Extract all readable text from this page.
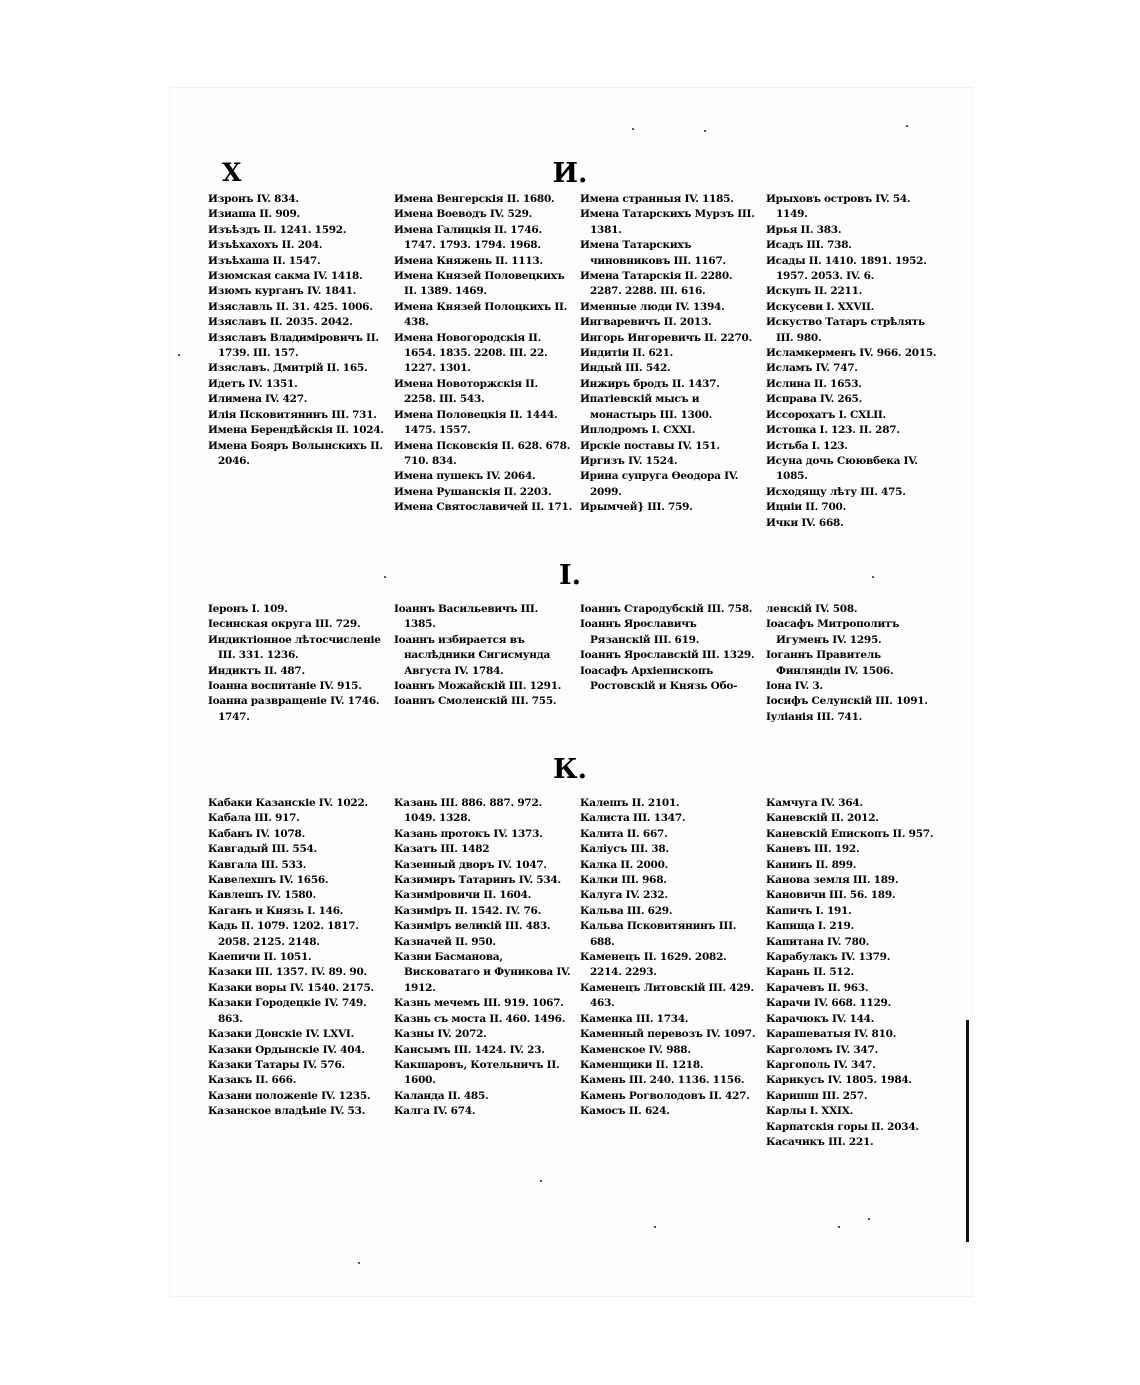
X	И.

Изронъ IV. 834.

Изиаша II. 909.

Изъѣздъ II. 1241. 1592.

Изъѣхахохъ II. 204.

Изъѣхаша II. 1547.

Изюмская сакма IV. 1418.

Изюмъ курганъ IV. 1841.

Изяславль II. 31. 425. 1006.

Изяславъ II. 2035. 2042.

Изяславъ Владиміровичъ II. 1739. III. 157.

Изяславъ. Дмитрій II. 165.

Идетъ IV. 1351.

Илимена IV. 427.

Илія Псковитянинъ III. 731.

Имена Берендѣйскія II. 1024.

Имена Бояръ Волынскихъ II. 2046.

Имена Венгерскія II. 1680.

Имена Воеводъ IV. 529.

Имена Галицкія II. 1746. 1747. 1793. 1794. 1968.

Имена Княжень II. 1113.

Имена Князей Половецкихъ II. 1389. 1469.

Имена Князей Полоцкихъ II. 438.

Имена Новогородскія II. 1654. 1835. 2208. III. 22. 1227. 1301.

Имена Новоторжскія II. 2258. III. 543.

Имена Половецкія II. 1444. 1475. 1557.

Имена Псковскія II. 628. 678. 710. 834.

Имена пушекъ IV. 2064.

Имена Рушанскія II. 2203.

Имена Святославичей II. 171.

Имена странныя IV. 1185.

Имена Татарскихъ Мурзъ III. 1381.

Имена Татарскихъ чиновниковъ III. 1167.

Имена Татарскія II. 2280. 2287. 2288. III. 616.

Именные люди IV. 1394.

Ингваревичъ II. 2013.

Ингорь Ингоревичъ II. 2270.

Индитіи II. 621.

Индый III. 542.

Инжиръ бродъ II. 1437.

Ипатіевскій мысъ и монастырь III. 1300.

Иплодромъ I. CXXI.

Ирскіе поставы IV. 151.

Иргизъ IV. 1524.

Ирина супруга Ѳеодора IV. 2099.

Ирымчей} III. 759.

Ирыховъ островъ IV. 54. 1149.

Ирья II. 383.

Исадъ III. 738.

Исады II. 1410. 1891. 1952. 1957. 2053. IV. 6.

Искупъ II. 2211.

Искусеви I. XXVII.

Искуство Татаръ стрѣлять III. 980.

Исламкерменъ IV. 966. 2015.

Исламъ IV. 747.

Ислина II. 1653.

Исправа IV. 265.

Иссорохатъ I. CXLII.

Истопка I. 123. II. 287.

Истьба I. 123.

Исуна дочь Сюювбека IV. 1085.

Исходящу лѣту III. 475.

Ицніи II. 700.

Ички IV. 668.

I.

Іеронъ I. 109.

Іесинская округа III. 729.

Индиктіонное лѣтосчисленіе III. 331. 1236.

Индиктъ II. 487.

Іоанна воспитаніе IV. 915.

Іоанна развращеніе IV. 1746. 1747.

Іоаннъ Васильевичъ III. 1385.

Іоаннъ избирается въ наслѣдники Сигисмунда Августа IV. 1784.

Іоаннъ Можайскій III. 1291.

Іоаннъ Смоленскій III. 755.

Іоаннъ Стародубскій III. 758.

Іоаннъ Ярославичъ Рязанскій III. 619.

Іоаннъ Ярославскій III. 1329.

Іоасафъ Архіепископъ Ростовскій и Князь Обо-

ленскій IV. 508.

Іоасафъ Митрополитъ Игуменъ IV. 1295.

Іоганнъ Правитель Финляндіи IV. 1506.

Іона IV. 3.

Іосифъ Селунскій III. 1091.

Іуліанія III. 741.

К.

Кабаки Казанскіе IV. 1022.

Кабала III. 917.

Кабанъ IV. 1078.

Кавгадый III. 554.

Кавгала III. 533.

Кавелехшъ IV. 1656.

Кавлешъ IV. 1580.

Каганъ и Князь I. 146.

Кадь II. 1079. 1202. 1817. 2058. 2125. 2148.

Каепичи II. 1051.

Казаки III. 1357. IV. 89. 90.

Казаки воры IV. 1540. 2175.

Казаки Городецкіе IV. 749. 863.

Казаки Донскіе IV. LXVI.

Казаки Ордынскіе IV. 404.

Казаки Татары IV. 576.

Казакъ II. 666.

Казани положеніе IV. 1235.

Казанское владѣніе IV. 53.

Казань III. 886. 887. 972. 1049. 1328.

Казань протокъ IV. 1373.

Казатъ III. 1482

Казенный дворъ IV. 1047.

Казимиръ Татаринъ IV. 534.

Казиміровичи II. 1604.

Казиміръ II. 1542. IV. 76.

Казиміръ великій III. 483.

Казначей II. 950.

Казни Басманова, Висковатаго и Фуникова IV. 1912.

Казнь мечемъ III. 919. 1067.

Казнь съ моста II. 460. 1496.

Казны IV. 2072.

Кансымъ III. 1424. IV. 23.

Какшаровъ, Котельничъ II. 1600.

Каланда II. 485.

Калга IV. 674.

Калешъ II. 2101.

Калиста III. 1347.

Калита II. 667.

Калiусъ III. 38.

Калка II. 2000.

Калки III. 968.

Калуга IV. 232.

Кальва III. 629.

Кальва Псковитянинъ III. 688.

Каменецъ II. 1629. 2082. 2214. 2293.

Каменецъ Литовскій III. 429. 463.

Каменка III. 1734.

Каменный перевозъ IV. 1097.

Каменское IV. 988.

Каменщики II. 1218.

Камень III. 240. 1136. 1156.

Камень Рогволодовъ II. 427.

Камосъ II. 624.

Камчуга IV. 364.

Каневскій II. 2012.

Каневскій Епископъ II. 957.

Каневъ III. 192.

Канинъ II. 899.

Канова земля III. 189.

Кановичи III. 56. 189.

Капичъ I. 191.

Капища I. 219.

Капитана IV. 780.

Карабулакъ IV. 1379.

Карань II. 512.

Карачевъ II. 963.

Карачи IV. 668. 1129.

Карачюкъ IV. 144.

Карашеватыя IV. 810.

Карголомъ IV. 347.

Каргополь IV. 347.

Карикусъ IV. 1805. 1984.

Каришш III. 257.

Карлы I. XXIX.

Карпатскія горы II. 2034.

Касачикъ III. 221.
